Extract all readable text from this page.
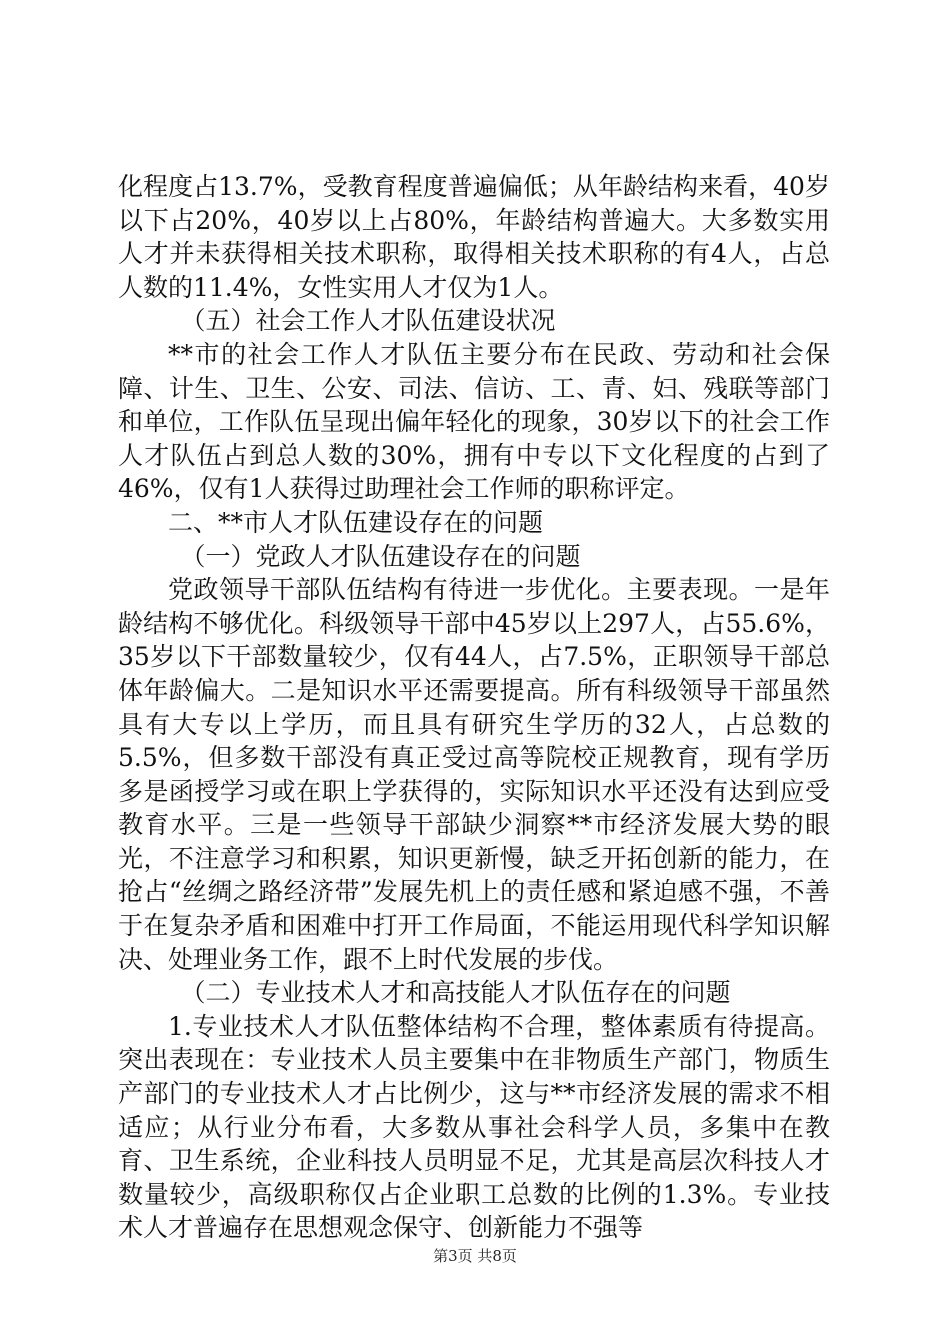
化程度占13.7%，受教育程度普遍偏低；从年龄结构来看，40岁以下占20%，40岁以上占80%，年龄结构普遍大。大多数实用人才并未获得相关技术职称，取得相关技术职称的有4人，占总人数的11.4%，女性实用人才仅为1人。

（五）社会工作人才队伍建设状况

**市的社会工作人才队伍主要分布在民政、劳动和社会保障、计生、卫生、公安、司法、信访、工、青、妇、残联等部门和单位，工作队伍呈现出偏年轻化的现象，30岁以下的社会工作人才队伍占到总人数的30%，拥有中专以下文化程度的占到了46%，仅有1人获得过助理社会工作师的职称评定。

二、**市人才队伍建设存在的问题

（一）党政人才队伍建设存在的问题

党政领导干部队伍结构有待进一步优化。主要表现。一是年龄结构不够优化。科级领导干部中45岁以上297人，占55.6%，35岁以下干部数量较少，仅有44人，占7.5%，正职领导干部总体年龄偏大。二是知识水平还需要提高。所有科级领导干部虽然具有大专以上学历，而且具有研究生学历的32人，占总数的5.5%，但多数干部没有真正受过高等院校正规教育，现有学历多是函授学习或在职上学获得的，实际知识水平还没有达到应受教育水平。三是一些领导干部缺少洞察**市经济发展大势的眼光，不注意学习和积累，知识更新慢，缺乏开拓创新的能力，在抢占“丝绸之路经济带”发展先机上的责任感和紧迫感不强，不善于在复杂矛盾和困难中打开工作局面，不能运用现代科学知识解决、处理业务工作，跟不上时代发展的步伐。

（二）专业技术人才和高技能人才队伍存在的问题

1.专业技术人才队伍整体结构不合理，整体素质有待提高。突出表现在：专业技术人员主要集中在非物质生产部门，物质生产部门的专业技术人才占比例少，这与**市经济发展的需求不相适应；从行业分布看，大多数从事社会科学人员，多集中在教育、卫生系统，企业科技人员明显不足，尤其是高层次科技人才数量较少，高级职称仅占企业职工总数的比例的1.3%。专业技术人才普遍存在思想观念保守、创新能力不强等

第3页 共8页
